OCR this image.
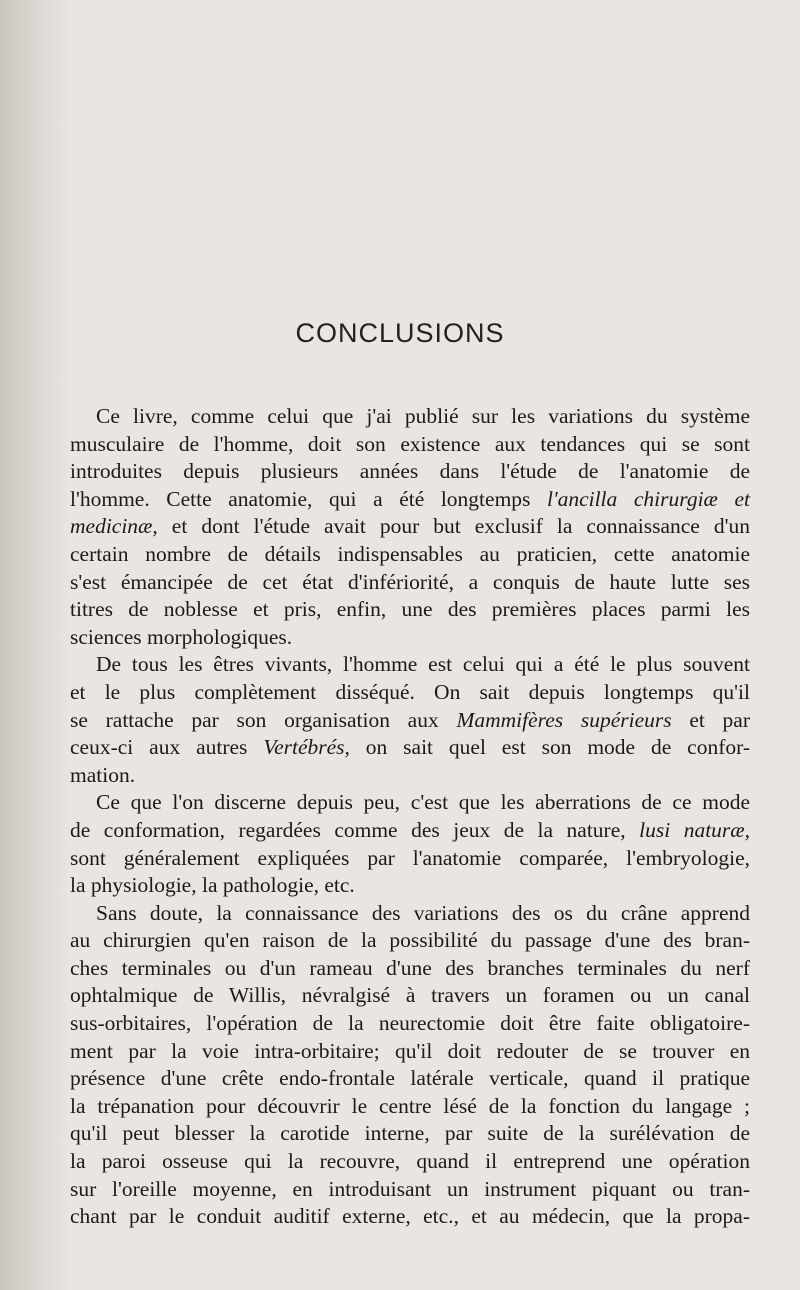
CONCLUSIONS
Ce livre, comme celui que j'ai publié sur les variations du système
musculaire de l'homme, doit son existence aux tendances qui se sont
introduites depuis plusieurs années dans l'étude de l'anatomie de
l'homme. Cette anatomie, qui a été longtemps l'ancilla chirurgiæ et
medicinæ, et dont l'étude avait pour but exclusif la connaissance d'un
certain nombre de détails indispensables au praticien, cette anatomie
s'est émancipée de cet état d'infériorité, a conquis de haute lutte ses
titres de noblesse et pris, enfin, une des premières places parmi les
sciences morphologiques.
De tous les êtres vivants, l'homme est celui qui a été le plus souvent
et le plus complètement disséqué. On sait depuis longtemps qu'il
se rattache par son organisation aux Mammifères supérieurs et par
ceux-ci aux autres Vertébrés, on sait quel est son mode de confor-
mation.
Ce que l'on discerne depuis peu, c'est que les aberrations de ce mode
de conformation, regardées comme des jeux de la nature, lusi naturæ,
sont généralement expliquées par l'anatomie comparée, l'embryologie,
la physiologie, la pathologie, etc.
Sans doute, la connaissance des variations des os du crâne apprend
au chirurgien qu'en raison de la possibilité du passage d'une des bran-
ches terminales ou d'un rameau d'une des branches terminales du nerf
ophtalmique de Willis, névralgisé à travers un foramen ou un canal
sus-orbitaires, l'opération de la neurectomie doit être faite obligatoire-
ment par la voie intra-orbitaire; qu'il doit redouter de se trouver en
présence d'une crête endo-frontale latérale verticale, quand il pratique
la trépanation pour découvrir le centre lésé de la fonction du langage ;
qu'il peut blesser la carotide interne, par suite de la surélévation de
la paroi osseuse qui la recouvre, quand il entreprend une opération
sur l'oreille moyenne, en introduisant un instrument piquant ou tran-
chant par le conduit auditif externe, etc., et au médecin, que la propa-
